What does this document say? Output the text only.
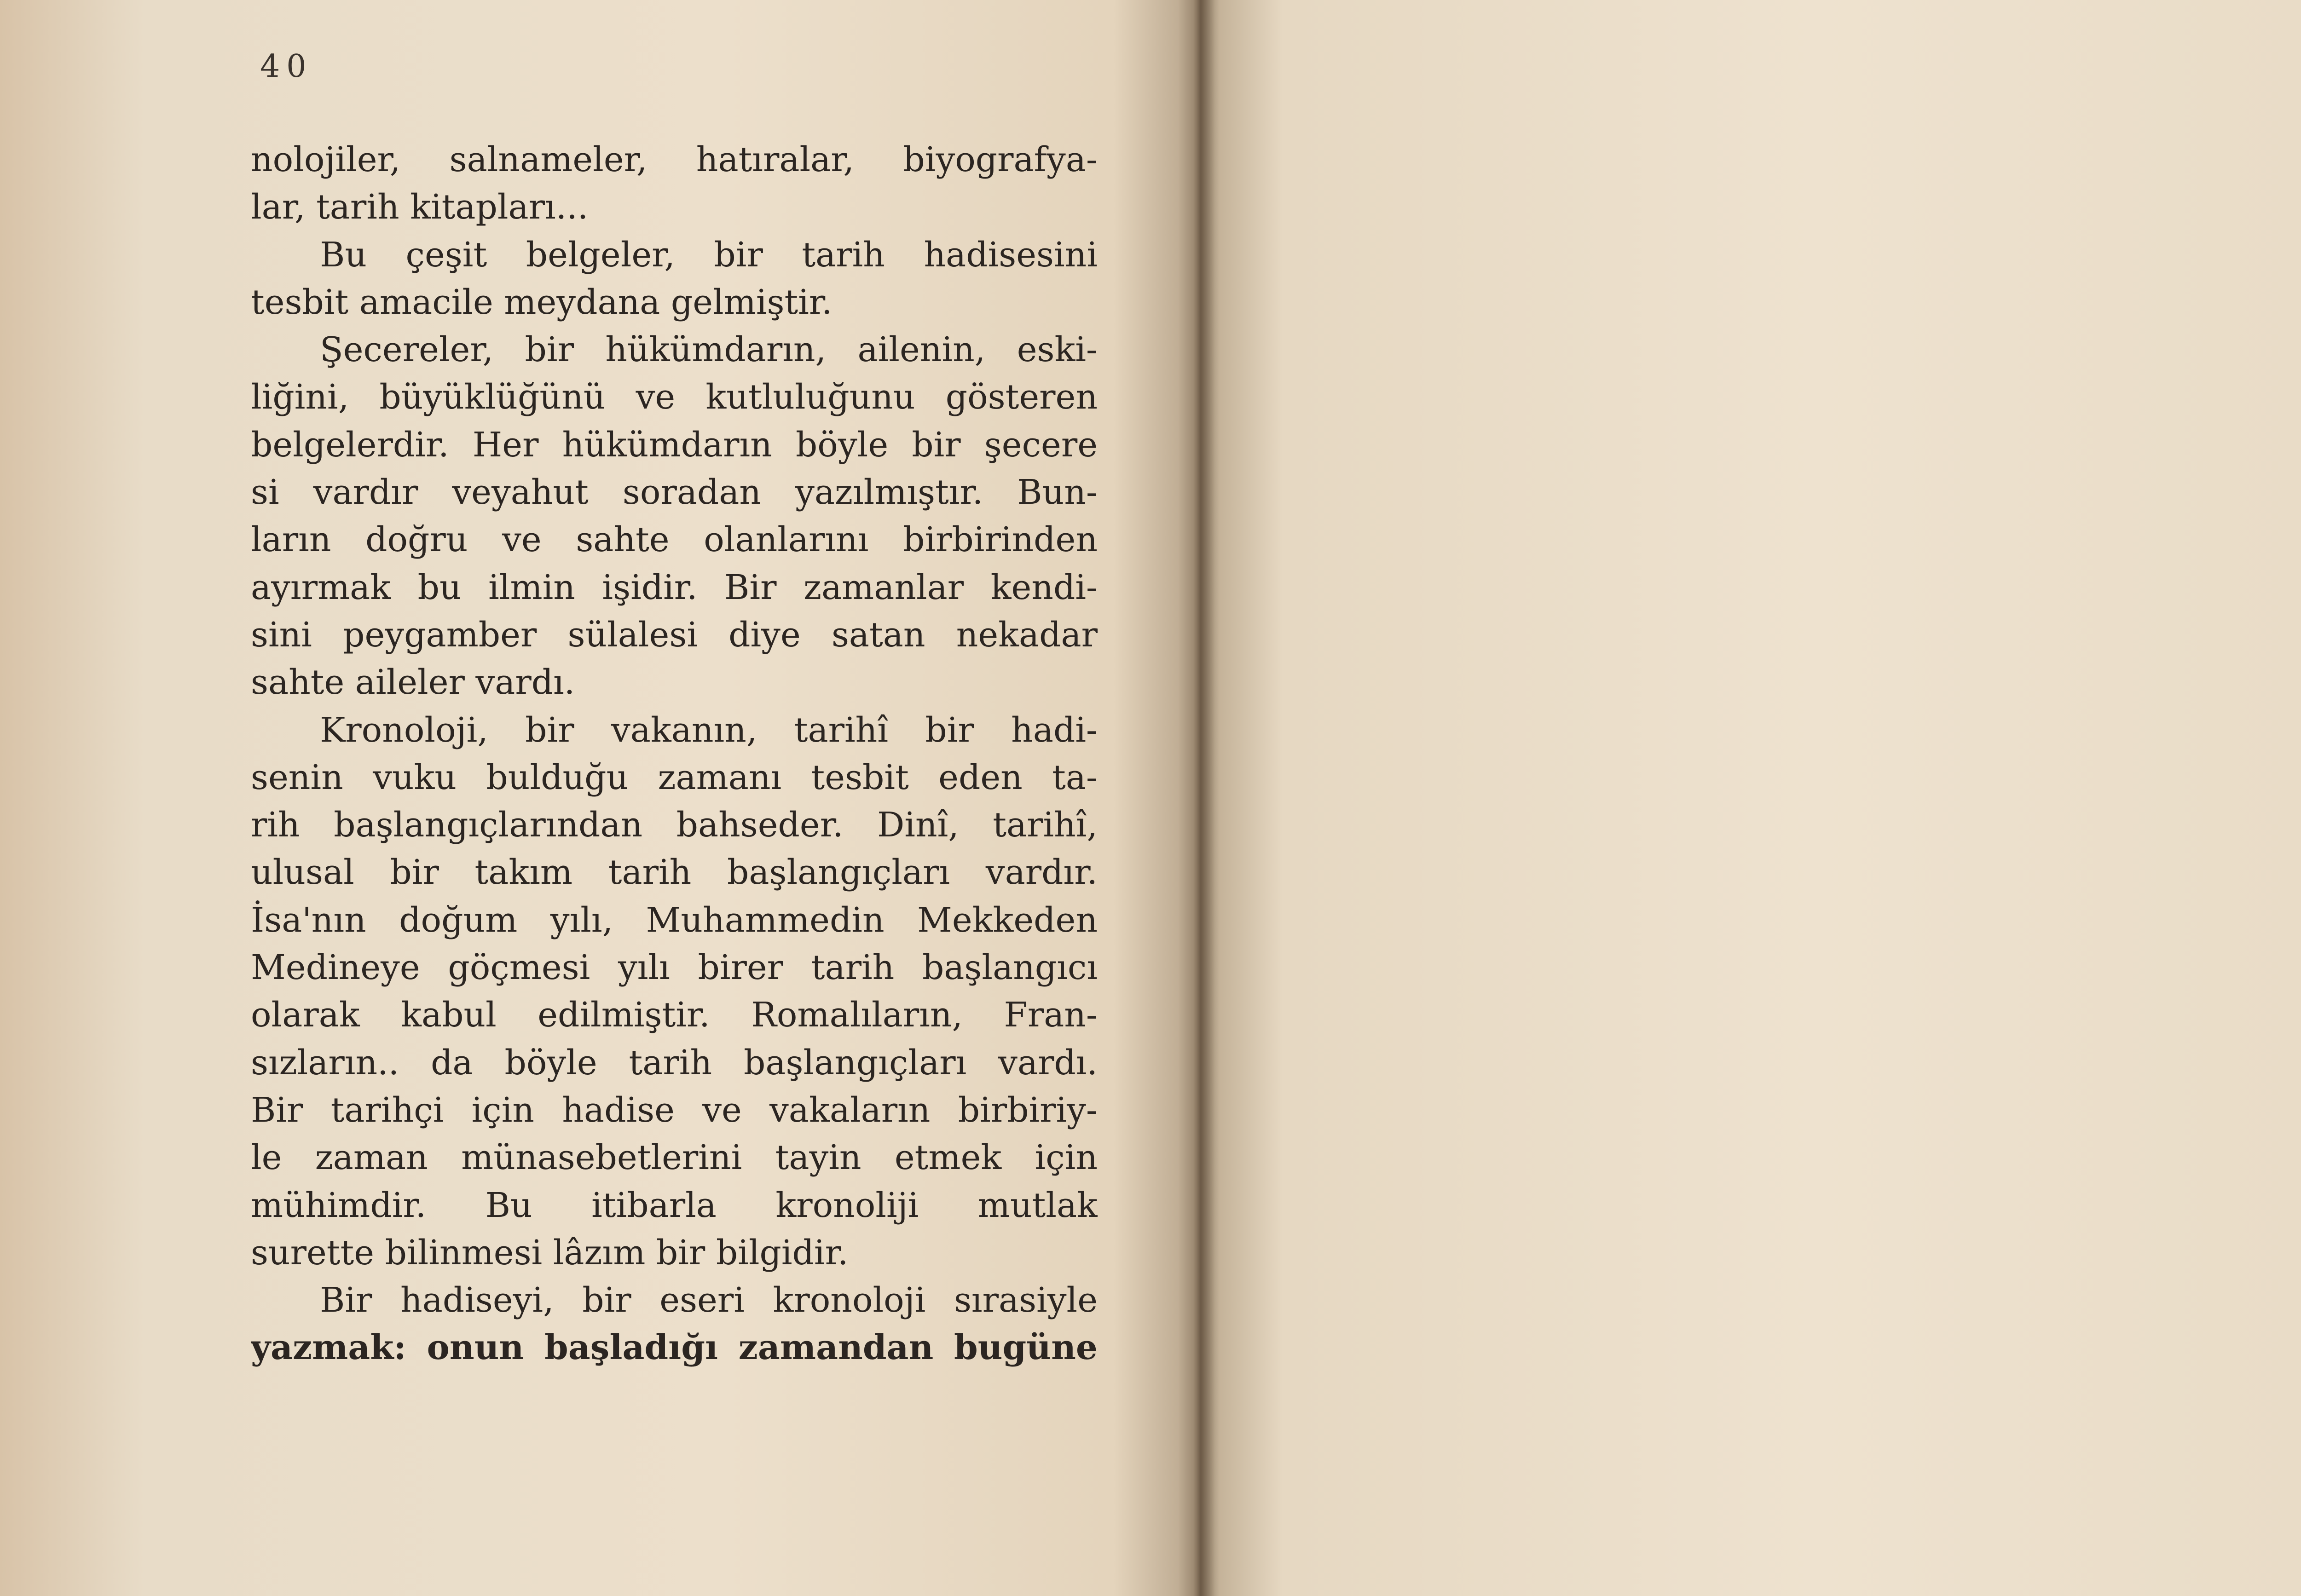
40
nolojiler, salnameler, hatıralar, biyografya-
lar, tarih kitapları...
Bu çeşit belgeler, bir tarih hadisesini
tesbit amacile meydana gelmiştir.
Şecereler, bir hükümdarın, ailenin, eski-
liğini, büyüklüğünü ve kutluluğunu gösteren
belgelerdir. Her hükümdarın böyle bir şecere
si vardır veyahut soradan yazılmıştır. Bun-
ların doğru ve sahte olanlarını birbirinden
ayırmak bu ilmin işidir. Bir zamanlar kendi-
sini peygamber sülalesi diye satan nekadar
sahte aileler vardı.
Kronoloji, bir vakanın, tarihî bir hadi-
senin vuku bulduğu zamanı tesbit eden ta-
rih başlangıçlarından bahseder. Dinî, tarihî,
ulusal bir takım tarih başlangıçları vardır.
İsa'nın doğum yılı, Muhammedin Mekkeden
Medineye göçmesi yılı birer tarih başlangıcı
olarak kabul edilmiştir. Romalıların, Fran-
sızların.. da böyle tarih başlangıçları vardı.
Bir tarihçi için hadise ve vakaların birbiriy-
le zaman münasebetlerini tayin etmek için
mühimdir. Bu itibarla kronoliji mutlak
surette bilinmesi lâzım bir bilgidir.
Bir hadiseyi, bir eseri kronoloji sırasiyle
yazmak: onun başladığı zamandan bugüne
